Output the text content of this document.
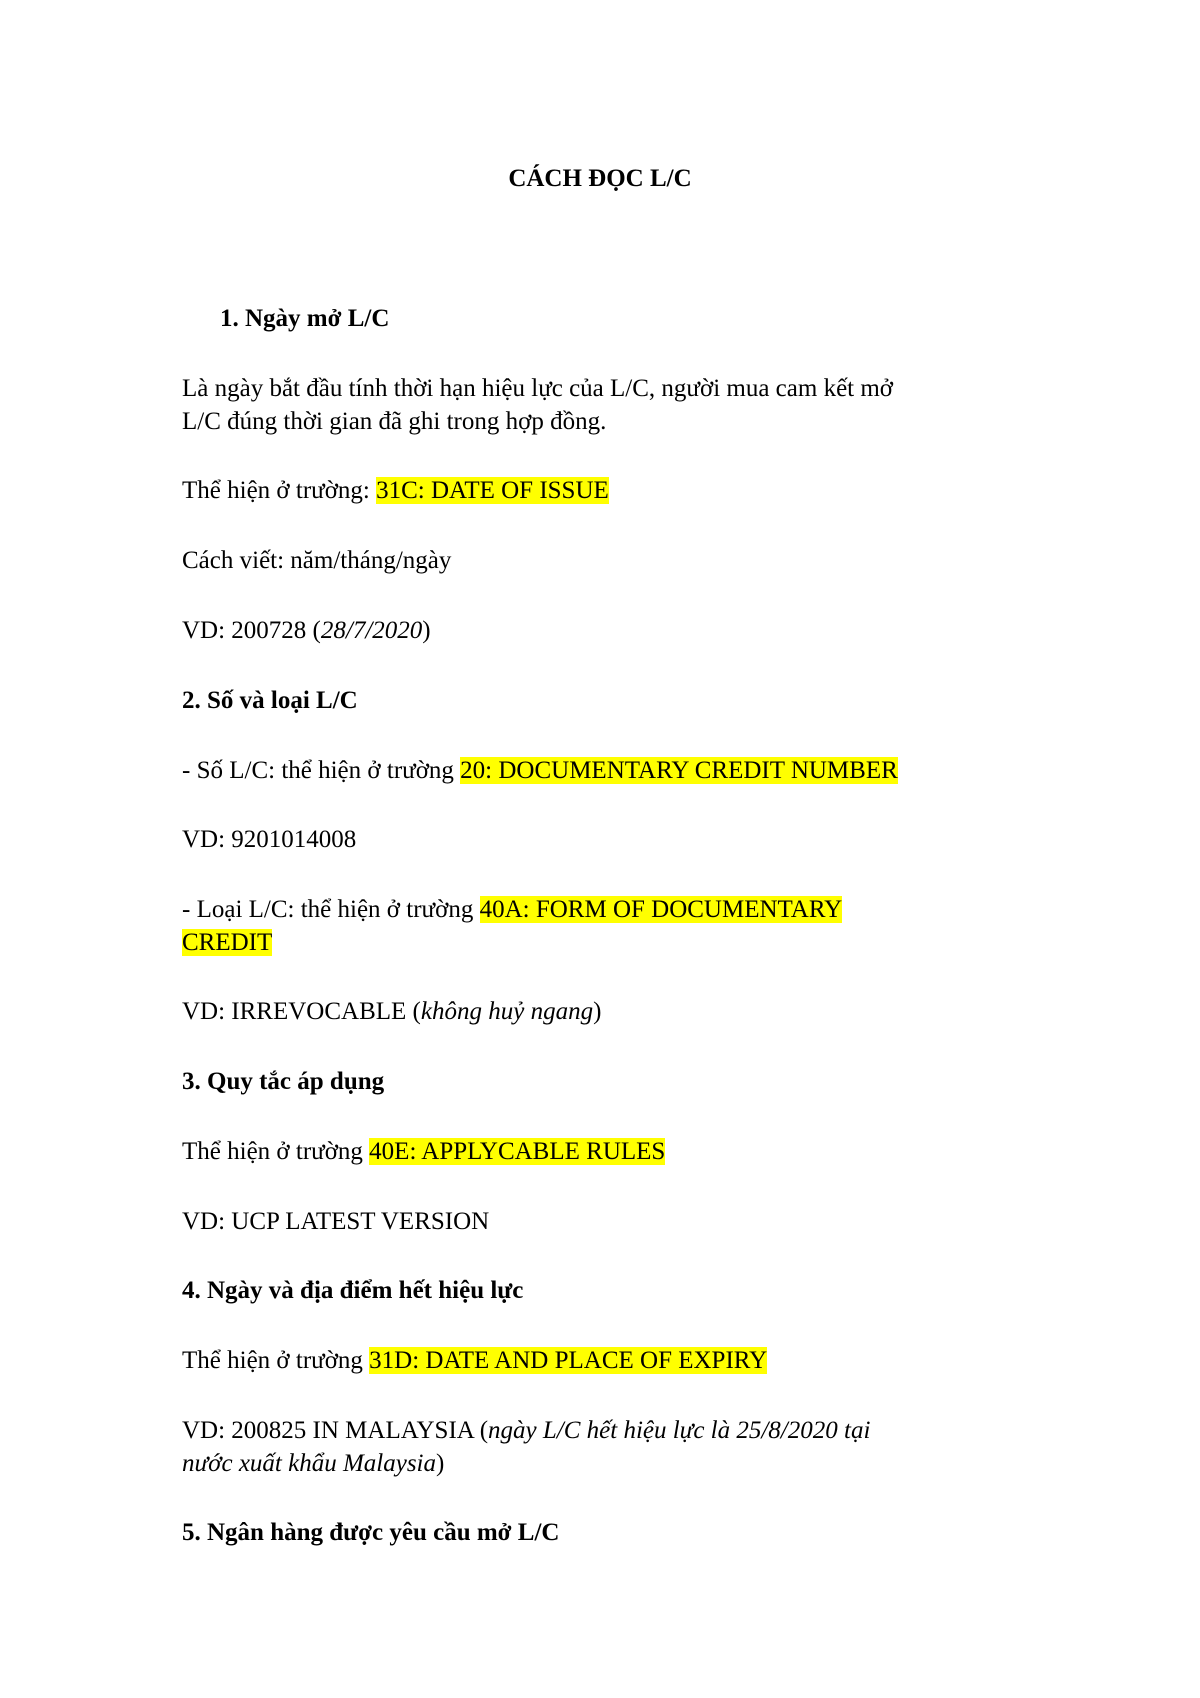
CÁCH ĐỌC L/C

1. Ngày mở L/C

Là ngày bắt đầu tính thời hạn hiệu lực của L/C, người mua cam kết mở

L/C đúng thời gian đã ghi trong hợp đồng.

Thể hiện ở trường: 31C: DATE OF ISSUE

Cách viết: năm/tháng/ngày

VD: 200728 (28/7/2020)

2. Số và loại L/C

- Số L/C: thể hiện ở trường 20: DOCUMENTARY CREDIT NUMBER

VD: 9201014008

- Loại L/C: thể hiện ở trường 40A: FORM OF DOCUMENTARY

CREDIT

VD: IRREVOCABLE (không huỷ ngang)

3. Quy tắc áp dụng

Thể hiện ở trường 40E: APPLYCABLE RULES

VD: UCP LATEST VERSION

4. Ngày và địa điểm hết hiệu lực

Thể hiện ở trường 31D: DATE AND PLACE OF EXPIRY

VD: 200825 IN MALAYSIA (ngày L/C hết hiệu lực là 25/8/2020 tại

nước xuất khẩu Malaysia)

5. Ngân hàng được yêu cầu mở L/C
